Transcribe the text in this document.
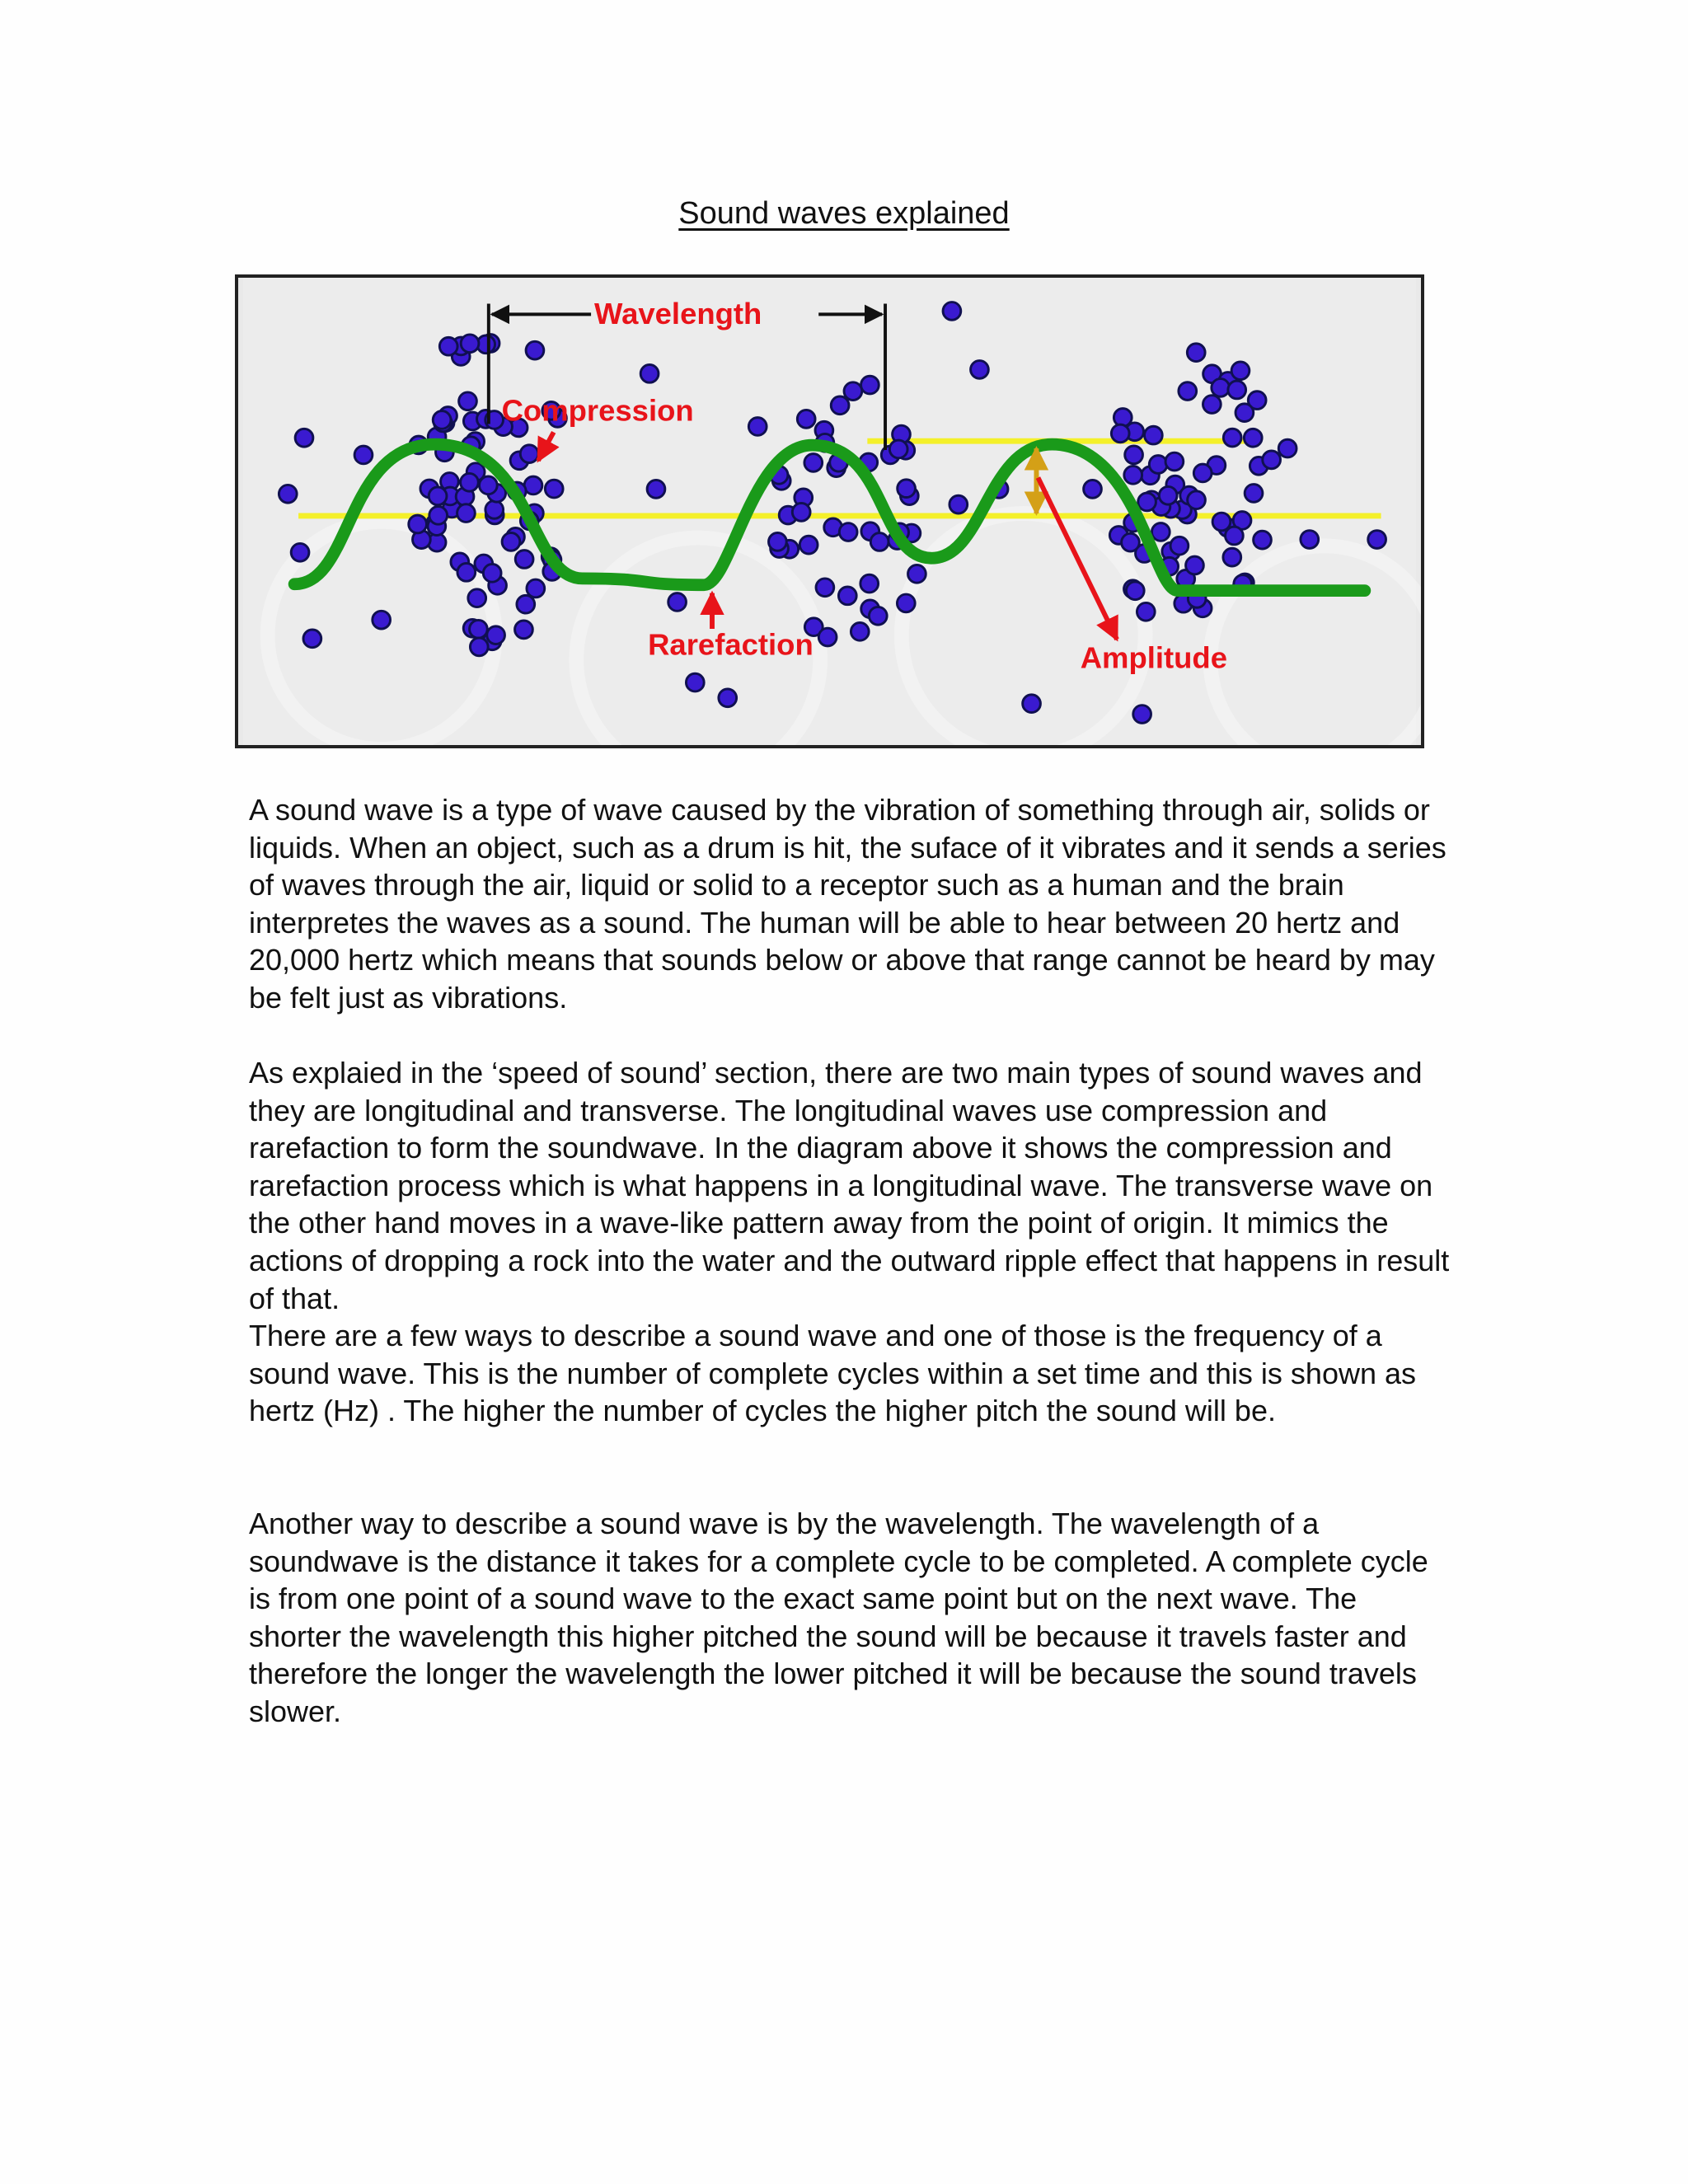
Sound waves explained
Wavelength
Compression
Rarefaction	Amplitude

A sound wave is a type of wave caused by the vibration of something through air, solids or liquids. When an object, such as a drum is hit, the suface of it vibrates and it sends a series of waves through the air, liquid or solid to a receptor such as a human and the brain interpretes the waves as a sound. The human will be able to hear between 20 hertz and 20,000 hertz which means that sounds below or above that range cannot be heard by may be felt just as vibrations.

As explaied in the ‘speed of sound’ section, there are two main types of sound waves and they are longitudinal and transverse. The longitudinal waves use compression and rarefaction to form the soundwave. In the diagram above it shows the compression and rarefaction process which is what happens in a longitudinal wave. The transverse wave on the other hand moves in a wave-like pattern away from the point of origin. It mimics the actions of dropping a rock into the water and the outward ripple effect that happens in result of that.

There are a few ways to describe a sound wave and one of those is the frequency of a sound wave. This is the number of complete cycles within a set time and this is shown as hertz (Hz) . The higher the number of cycles the higher pitch the sound will be.

Another way to describe a sound wave is by the wavelength. The wavelength of a soundwave is the distance it takes for a complete cycle to be completed. A complete cycle is from one point of a sound wave to the exact same point but on the next wave. The shorter the wavelength this higher pitched the sound will be because it travels faster and therefore the longer the wavelength the lower pitched it will be because the sound travels slower.
